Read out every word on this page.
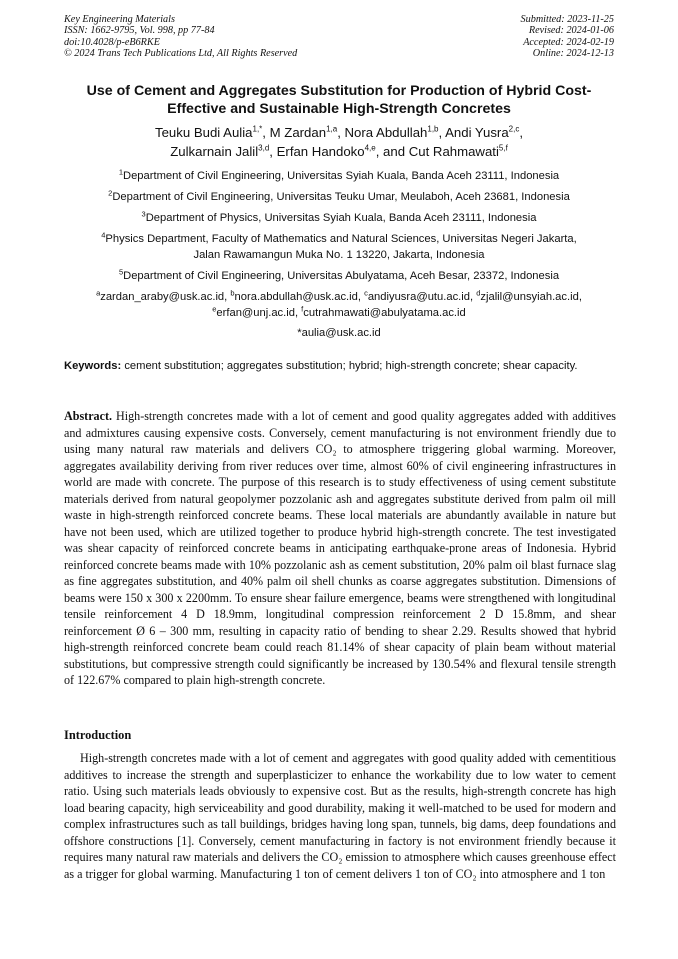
Key Engineering Materials
ISSN: 1662-9795, Vol. 998, pp 77-84
doi:10.4028/p-eB6RKE
© 2024 Trans Tech Publications Ltd, All Rights Reserved
Submitted: 2023-11-25
Revised: 2024-01-06
Accepted: 2024-02-19
Online: 2024-12-13
Use of Cement and Aggregates Substitution for Production of Hybrid Cost-Effective and Sustainable High-Strength Concretes
Teuku Budi Aulia$^{1,*}$, M Zardan$^{1,a}$, Nora Abdullah$^{1,b}$, Andi Yusra$^{2,c}$,
Zulkarnain Jalil$^{3,d}$, Erfan Handoko$^{4,e}$, and Cut Rahmawati$^{5,f}$
$^1$Department of Civil Engineering, Universitas Syiah Kuala, Banda Aceh 23111, Indonesia
$^2$Department of Civil Engineering, Universitas Teuku Umar, Meulaboh, Aceh 23681, Indonesia
$^3$Department of Physics, Universitas Syiah Kuala, Banda Aceh 23111, Indonesia
$^4$Physics Department, Faculty of Mathematics and Natural Sciences, Universitas Negeri Jakarta,
Jalan Rawamangun Muka No. 1 13220, Jakarta, Indonesia
$^5$Department of Civil Engineering, Universitas Abulyatama, Aceh Besar, 23372, Indonesia
$^a$zardan_araby@usk.ac.id, $^b$nora.abdullah@usk.ac.id, $^c$andiyusra@utu.ac.id, $^d$zjalil@unsyiah.ac.id,
$^e$erfan@unj.ac.id, $^f$cutrahmawati@abulyatama.ac.id
*aulia@usk.ac.id
Keywords: cement substitution; aggregates substitution; hybrid; high-strength concrete; shear capacity.
Abstract. High-strength concretes made with a lot of cement and good quality aggregates added with additives and admixtures causing expensive costs. Conversely, cement manufacturing is not environment friendly due to using many natural raw materials and delivers CO₂ to atmosphere triggering global warming. Moreover, aggregates availability deriving from river reduces over time, almost 60% of civil engineering infrastructures in world are made with concrete. The purpose of this research is to study effectiveness of using cement substitute materials derived from natural geopolymer pozzolanic ash and aggregates substitute derived from palm oil mill waste in high-strength reinforced concrete beams. These local materials are abundantly available in nature but have not been used, which are utilized together to produce hybrid high-strength concrete. The test investigated was shear capacity of reinforced concrete beams in anticipating earthquake-prone areas of Indonesia. Hybrid reinforced concrete beams made with 10% pozzolanic ash as cement substitution, 20% palm oil blast furnace slag as fine aggregates substitution, and 40% palm oil shell chunks as coarse aggregates substitution. Dimensions of beams were 150 x 300 x 2200mm. To ensure shear failure emergence, beams were strengthened with longitudinal tensile reinforcement 4 D 18.9mm, longitudinal compression reinforcement 2 D 15.8mm, and shear reinforcement Ø 6 – 300 mm, resulting in capacity ratio of bending to shear 2.29. Results showed that hybrid high-strength reinforced concrete beam could reach 81.14% of shear capacity of plain beam without material substitutions, but compressive strength could significantly be increased by 130.54% and flexural tensile strength of 122.67% compared to plain high-strength concrete.
Introduction
High-strength concretes made with a lot of cement and aggregates with good quality added with cementitious additives to increase the strength and superplasticizer to enhance the workability due to low water to cement ratio. Using such materials leads obviously to expensive cost. But as the results, high-strength concrete has high load bearing capacity, high serviceability and good durability, making it well-matched to be used for modern and complex infrastructures such as tall buildings, bridges having long span, tunnels, big dams, deep foundations and offshore constructions [1]. Conversely, cement manufacturing in factory is not environment friendly because it requires many natural raw materials and delivers the CO₂ emission to atmosphere which causes greenhouse effect as a trigger for global warming. Manufacturing 1 ton of cement delivers 1 ton of CO₂ into atmosphere and 1 ton
